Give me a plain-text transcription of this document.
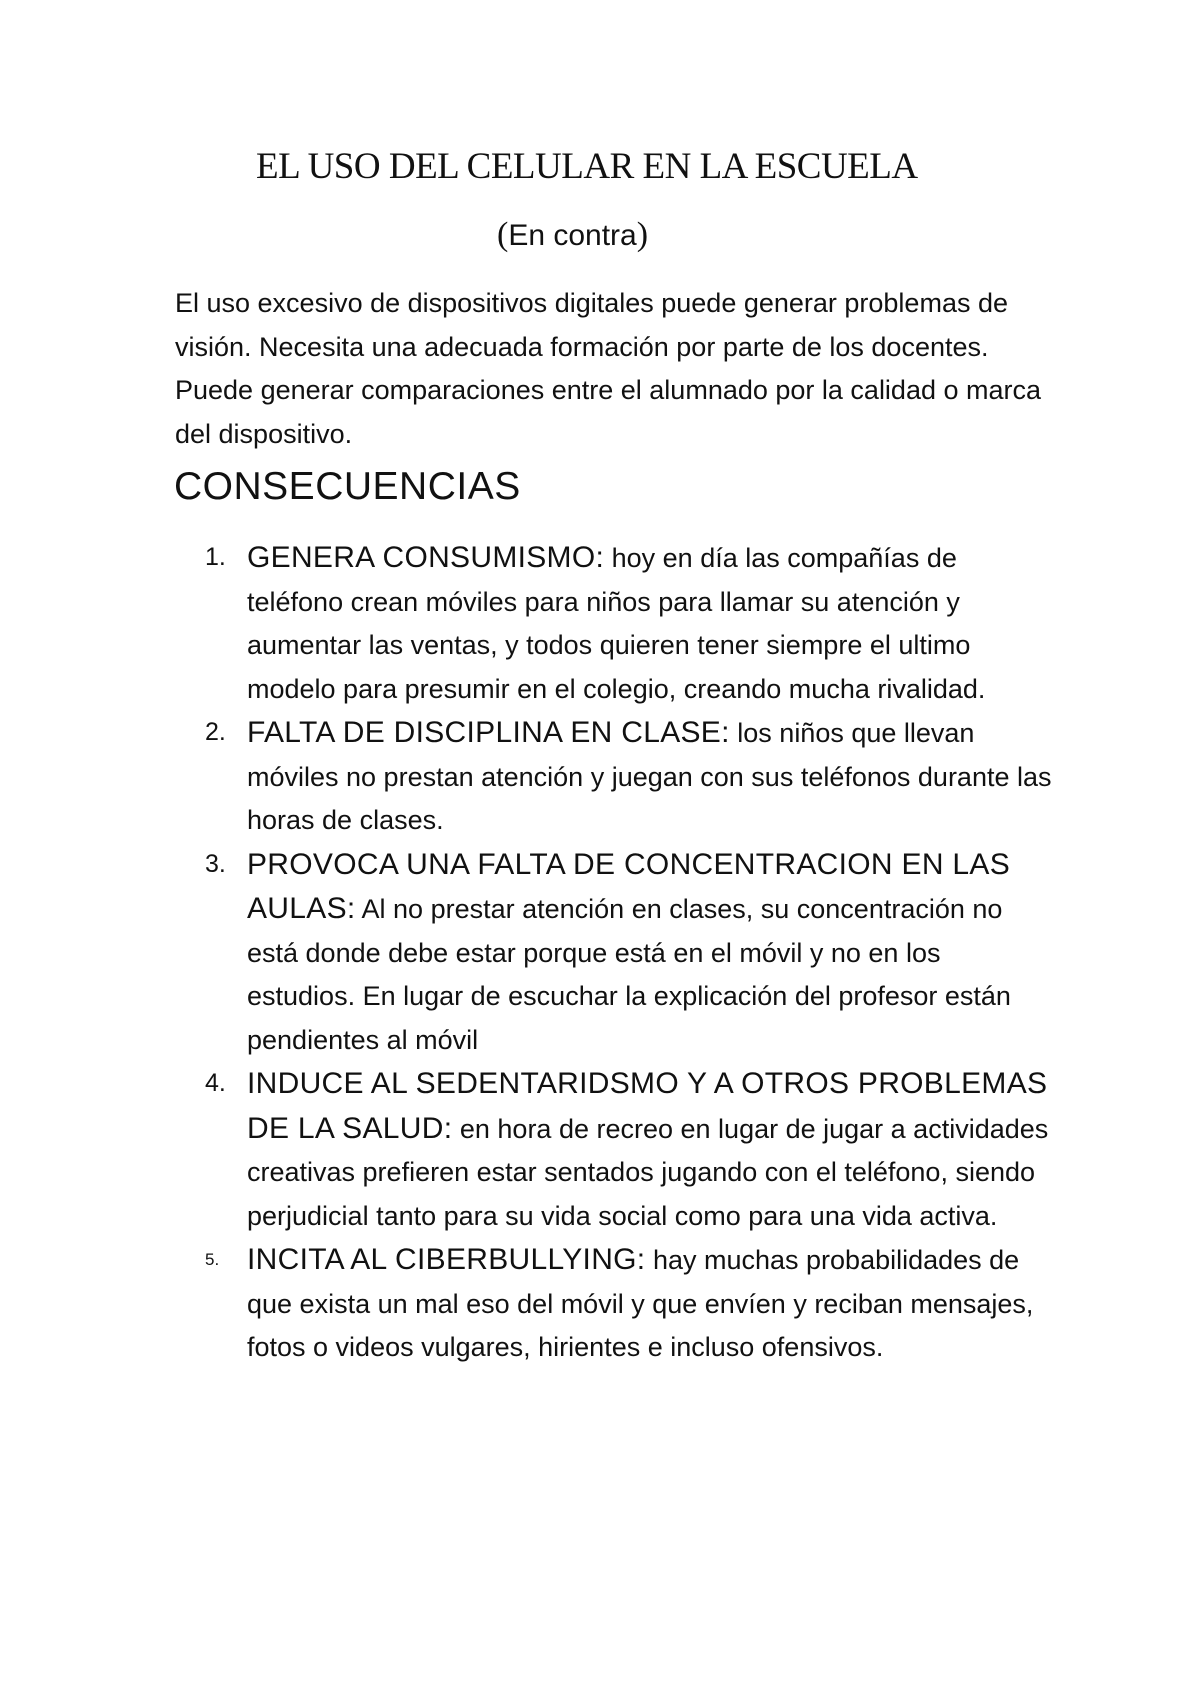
EL USO DEL CELULAR EN LA ESCUELA
(En contra)

El uso excesivo de dispositivos digitales puede generar problemas de visión. Necesita una adecuada formación por parte de los docentes. Puede generar comparaciones entre el alumnado por la calidad o marca del dispositivo.

CONSECUENCIAS
1. GENERA CONSUMISMO: hoy en día las compañías de teléfono crean móviles para niños para llamar su atención y aumentar las ventas, y todos quieren tener siempre el ultimo modelo para presumir en el colegio, creando mucha rivalidad.
2. FALTA DE DISCIPLINA EN CLASE: los niños que llevan móviles no prestan atención y juegan con sus teléfonos durante las horas de clases.
3. PROVOCA UNA FALTA DE CONCENTRACION EN LAS AULAS: Al no prestar atención en clases, su concentración no está donde debe estar porque está en el móvil y no en los estudios. En lugar de escuchar la explicación del profesor están pendientes al móvil
4. INDUCE AL SEDENTARIDSMO Y A OTROS PROBLEMAS DE LA SALUD: en hora de recreo en lugar de jugar a actividades creativas prefieren estar sentados jugando con el teléfono, siendo perjudicial tanto para su vida social como para una vida activa.
5. INCITA AL CIBERBULLYING: hay muchas probabilidades de que exista un mal eso del móvil y que envíen y reciban mensajes, fotos o videos vulgares, hirientes e incluso ofensivos.
